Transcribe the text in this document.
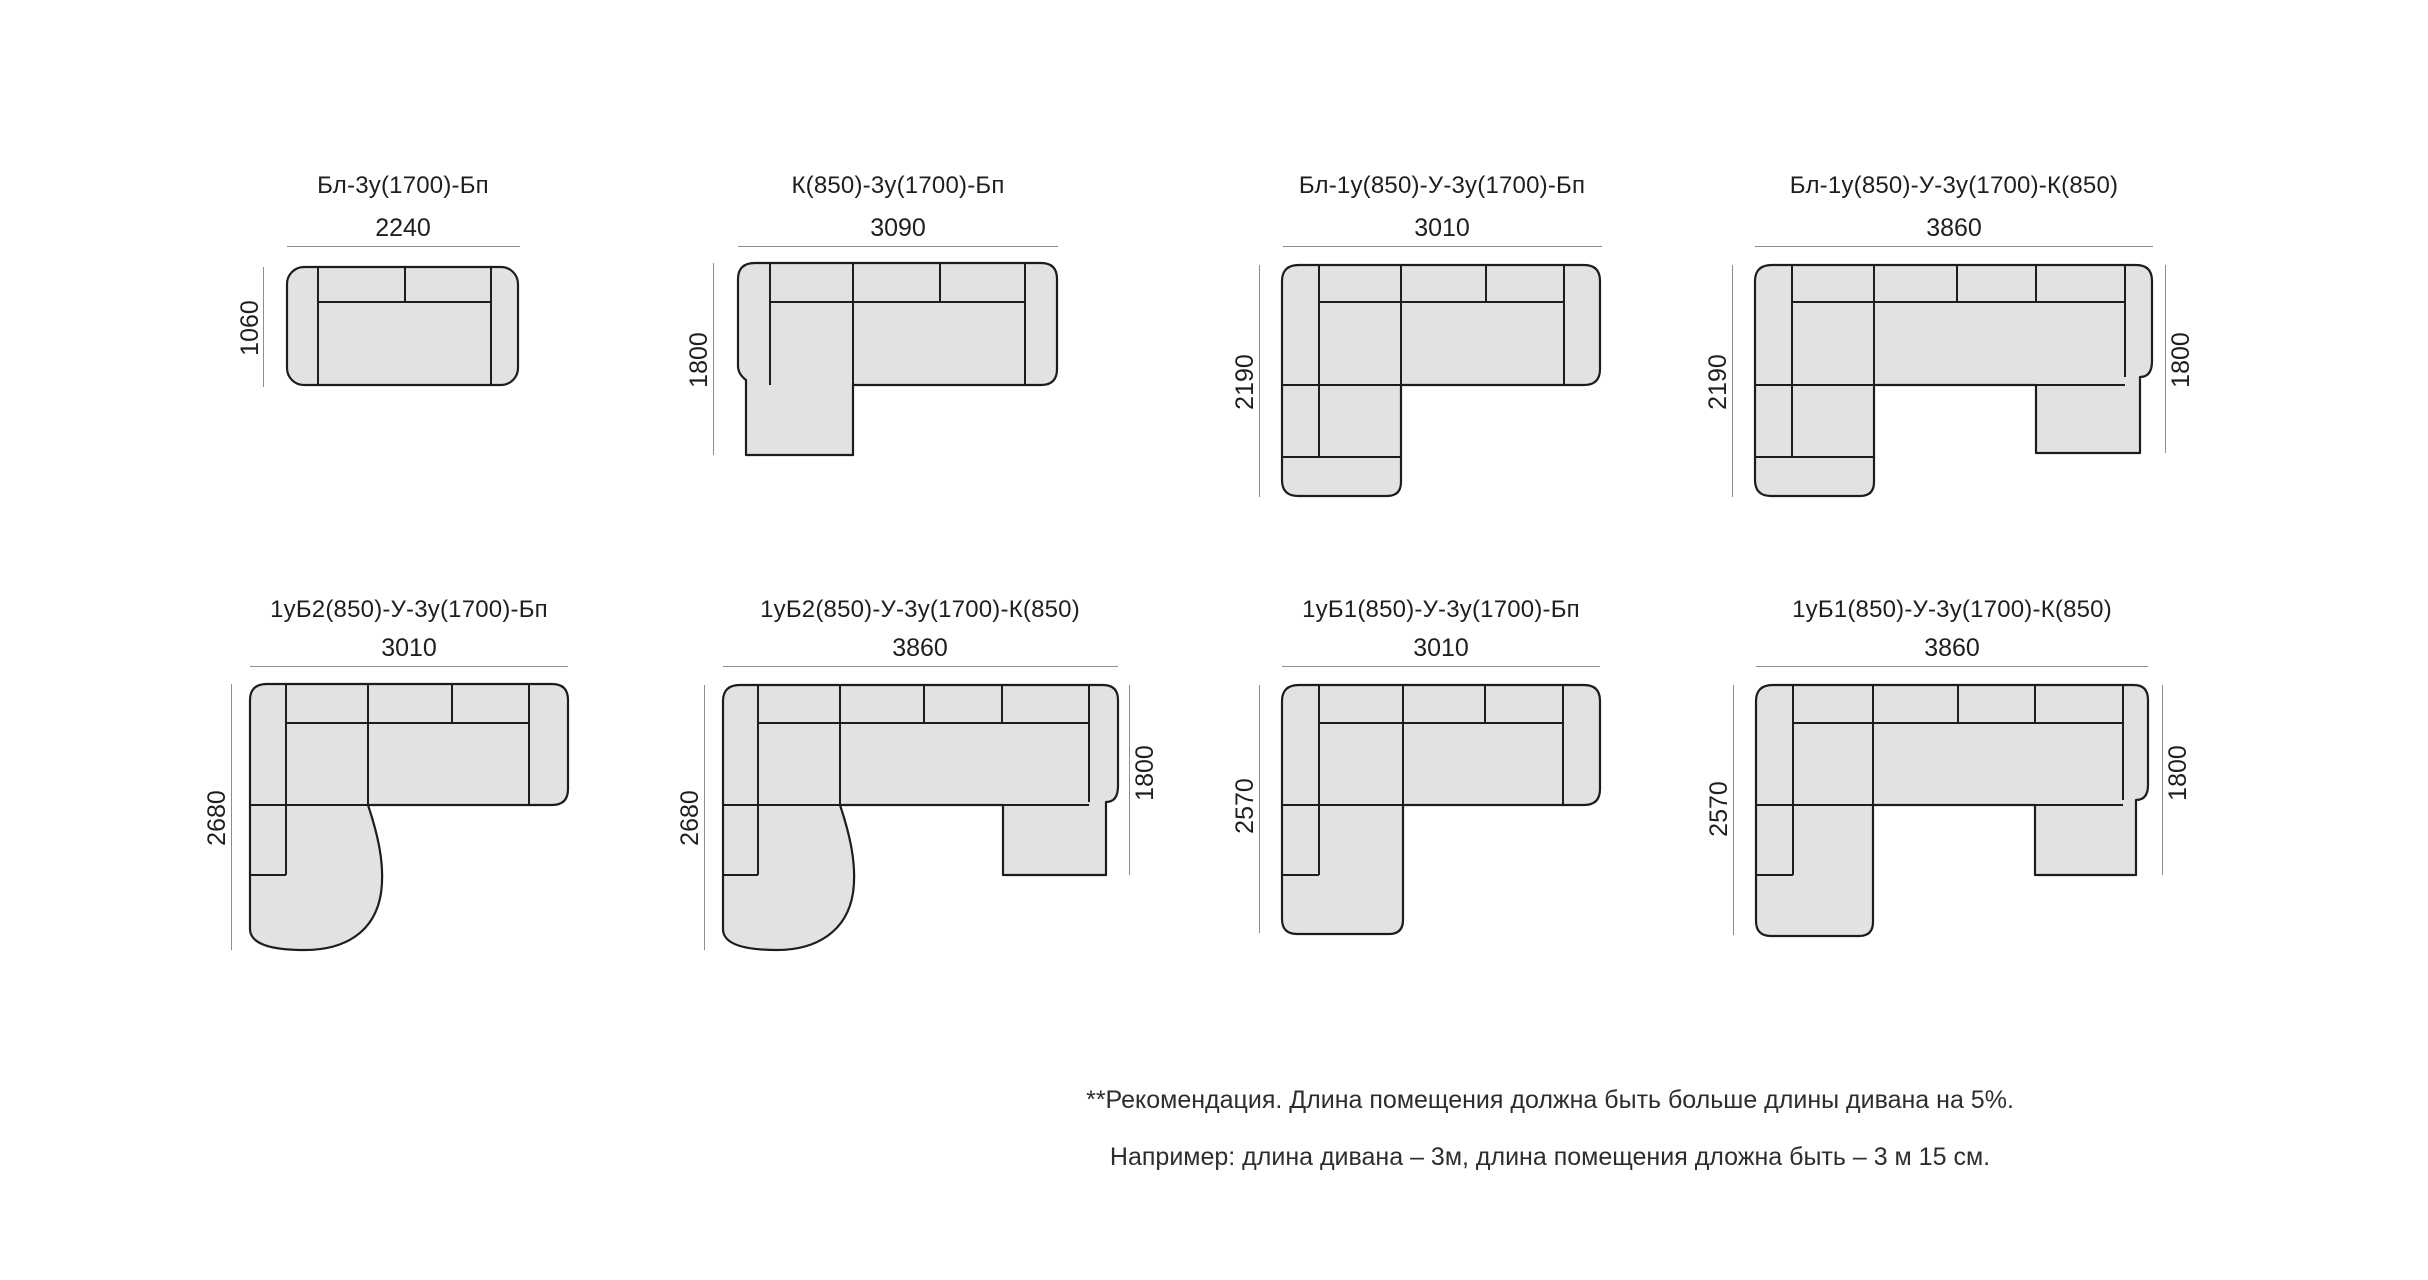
Бл-3у(1700)-Бп
2240
1060
К(850)-3у(1700)-Бп
3090
1800
Бл-1у(850)-У-3у(1700)-Бп
3010
2190
Бл-1у(850)-У-3у(1700)-К(850)
3860
2190	1800
1уБ2(850)-У-3у(1700)-Бп
3010
2680
1уБ2(850)-У-3у(1700)-К(850)
3860
2680
1800
1уБ1(850)-У-3у(1700)-Бп
3010
2570
1уБ1(850)-У-3у(1700)-К(850)
3860
2570
1800
**Рекомендация. Длина помещения должна быть больше длины дивана на 5%.
Например: длина дивана – 3м, длина помещения дложна быть – 3 м 15 см.
